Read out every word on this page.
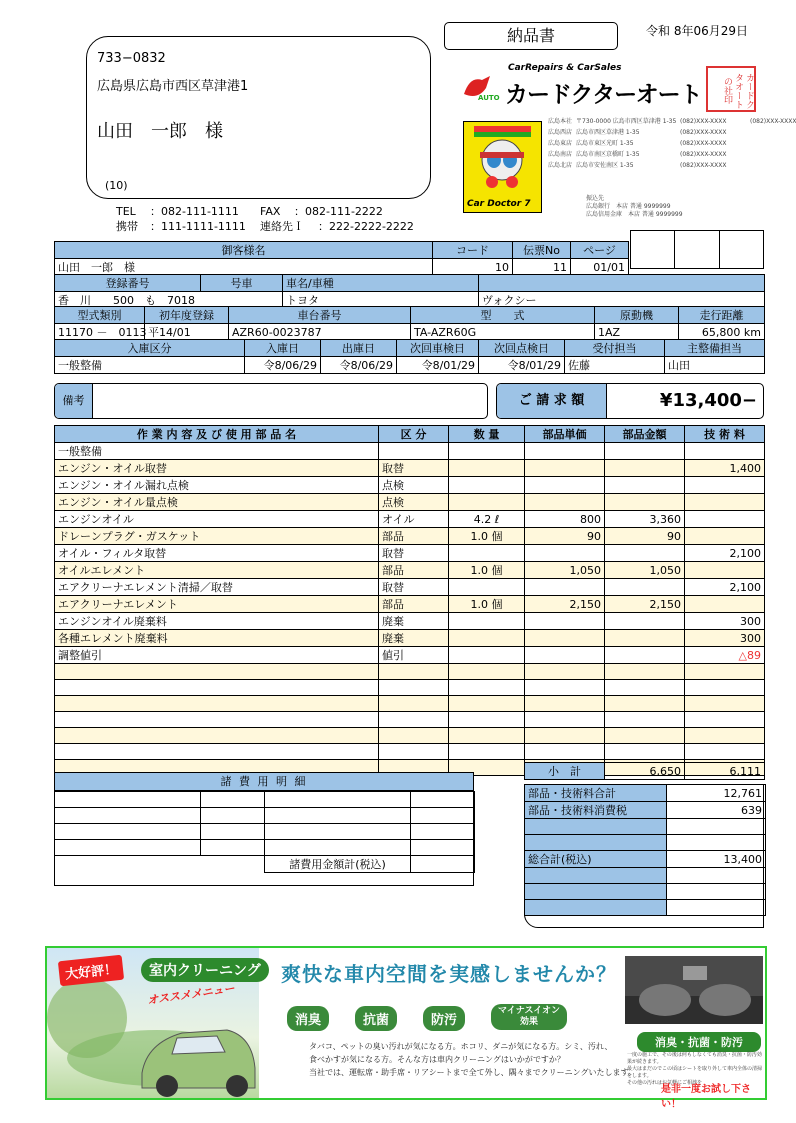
733−0832
広島県広島市西区草津港1
山田　一郎　様
(10)
TEL ：082-111-1111 FAX ：082-111-2222
携帯 ：111-1111-1111 連絡先Ｉ ：222-2222-2222
納品書	令和 8年06月29日
CarRepairs & CarSales
AUTO カードクターオート	カードクタオートの社印
Car Doctor 7
広島本社 〒730-0000 広島市西区草津港 1-35 (082)XXX-XXXX	(082)XXX-XXXX
広島西店 広島市西区草津港 1-35	(082)XXX-XXXX
広島東店 広島市東区光町 1-35	(082)XXX-XXXX
広島南店 広島市南区京橋町 1-35	(082)XXX-XXXX
広島北店 広島市安佐南区 1-35	(082)XXX-XXXX
振込先
広島銀行　本店 普通 9999999
広島信用金庫　本店 普通 9999999

御客様名	コード	伝票No	ページ
山田　一郎　様	10	11	01/01
登録番号	号車	車名/車種	
香　川　　500　も　7018		トヨタ	ヴォクシー
型式類別	初年度登録	車台番号	型　　式	原動機	走行距離
11170 －　0113	平14/01	AZR60-0023787	TA-AZR60G	1AZ	65,800 km
入庫区分	入庫日	出庫日	次回車検日	次回点検日	受付担当	主整備担当
一般整備	令8/06/29	令8/06/29	令8/01/29	令8/01/29	佐藤	山田
備考	ご 請 求 額	¥13,400−
作 業 内 容 及 び 使 用 部 品 名	区 分	数 量	部品単価	部品金額	技 術 料
一般整備					
エンジン・オイル取替	取替				1,400
エンジン・オイル漏れ点検	点検				
エンジン・オイル量点検	点検				
エンジンオイル	オイル	4.2 ℓ	800	3,360	
ドレーンプラグ・ガスケット	部品	1.0 個	90	90	
オイル・フィルタ取替	取替				2,100
オイルエレメント	部品	1.0 個	1,050	1,050	
エアクリーナエレメント清掃／取替	取替				2,100
エアクリーナエレメント	部品	1.0 個	2,150	2,150	
エンジンオイル廃棄料	廃棄				300
各種エレメント廃棄料	廃棄				300
調整値引	値引				△89

小　計	6,650	6,111
諸 費 用 明 細

		諸費用金額計(税込)	
部品・技術料合計	12,761
部品・技術料消費税	639

総合計(税込)	13,400

大好評！	室内クリーニング
オススメメニュー
爽快な車内空間を実感しませんか？
消臭	抗菌	防汚
マイナスイオン効果
タバコ、ペットの臭い汚れが気になる方。ホコリ、ダニが気になる方。シミ、汚れ、
食べかすが気になる方。そんな方は車内クリーニングはいかがですか？
当社では、運転席・助手席・リアシートまで全て外し、隅々までクリーニングいたします。
消臭・抗菌・防汚
一度の施工で、その後は何もしなくても消臭・抗菌・防汚効果が続きます。
最大はまだのでこの頃はシートを取り外して車内全体の清掃をします。
その他の汚れはお気軽にご相談を
是非一度お試し下さい！
